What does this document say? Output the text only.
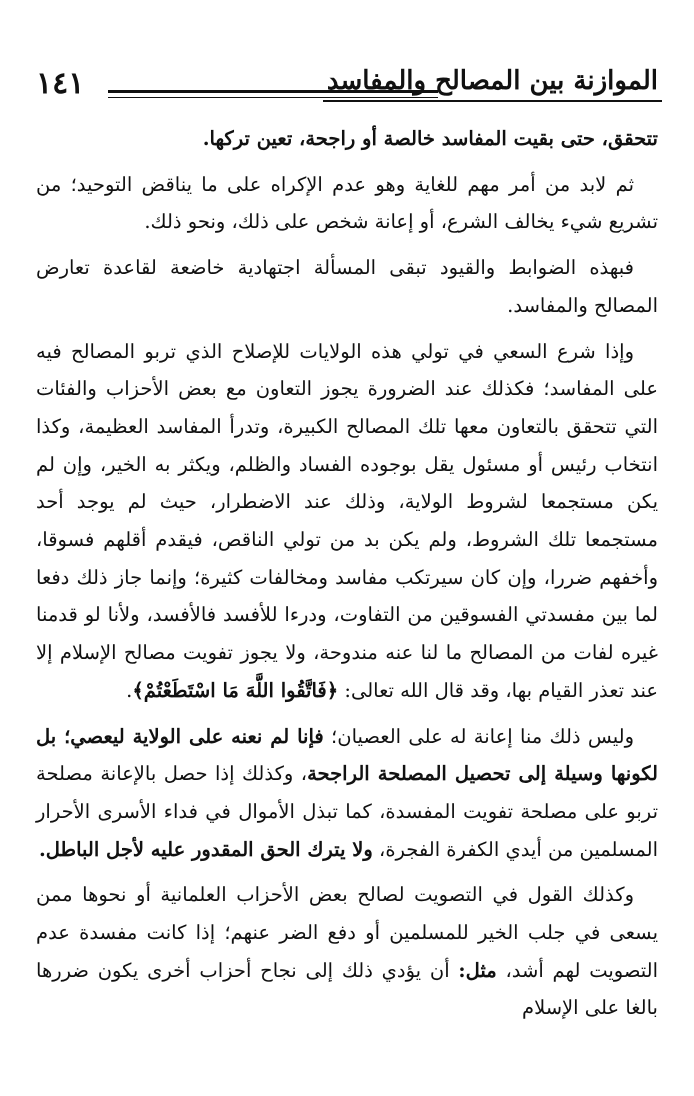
١٤١	الموازنة بين المصالح والمفاسد

تتحقق، حتى بقيت المفاسد خالصة أو راجحة، تعين تركها.

ثم لابد من أمر مهم للغاية وهو عدم الإكراه على ما يناقض التوحيد؛ من تشريع شيء يخالف الشرع، أو إعانة شخص على ذلك، ونحو ذلك.

فبهذه الضوابط والقيود تبقى المسألة اجتهادية خاضعة لقاعدة تعارض المصالح والمفاسد.

وإذا شرع السعي في تولي هذه الولايات للإصلاح الذي تربو المصالح فيه على المفاسد؛ فكذلك عند الضرورة يجوز التعاون مع بعض الأحزاب والفئات التي تتحقق بالتعاون معها تلك المصالح الكبيرة، وتدرأ المفاسد العظيمة، وكذا انتخاب رئيس أو مسئول يقل بوجوده الفساد والظلم، ويكثر به الخير، وإن لم يكن مستجمعا لشروط الولاية، وذلك عند الاضطرار، حيث لم يوجد أحد مستجمعا تلك الشروط، ولم يكن بد من تولي الناقص، فيقدم أقلهم فسوقا، وأخفهم ضررا، وإن كان سيرتكب مفاسد ومخالفات كثيرة؛ وإنما جاز ذلك دفعا لما بين مفسدتي الفسوقين من التفاوت، ودرءا للأفسد فالأفسد، ولأنا لو قدمنا غيره لفات من المصالح ما لنا عنه مندوحة، ولا يجوز تفويت مصالح الإسلام إلا عند تعذر القيام بها، وقد قال الله تعالى: ﴿فَاتَّقُوا اللَّهَ مَا اسْتَطَعْتُمْ﴾.

وليس ذلك منا إعانة له على العصيان؛ فإنا لم نعنه على الولاية ليعصي؛ بل لكونها وسيلة إلى تحصيل المصلحة الراجحة، وكذلك إذا حصل بالإعانة مصلحة تربو على مصلحة تفويت المفسدة، كما تبذل الأموال في فداء الأسرى الأحرار المسلمين من أيدي الكفرة الفجرة، ولا يترك الحق المقدور عليه لأجل الباطل.

وكذلك القول في التصويت لصالح بعض الأحزاب العلمانية أو نحوها ممن يسعى في جلب الخير للمسلمين أو دفع الضر عنهم؛ إذا كانت مفسدة عدم التصويت لهم أشد، مثل: أن يؤدي ذلك إلى نجاح أحزاب أخرى يكون ضررها بالغا على الإسلام
